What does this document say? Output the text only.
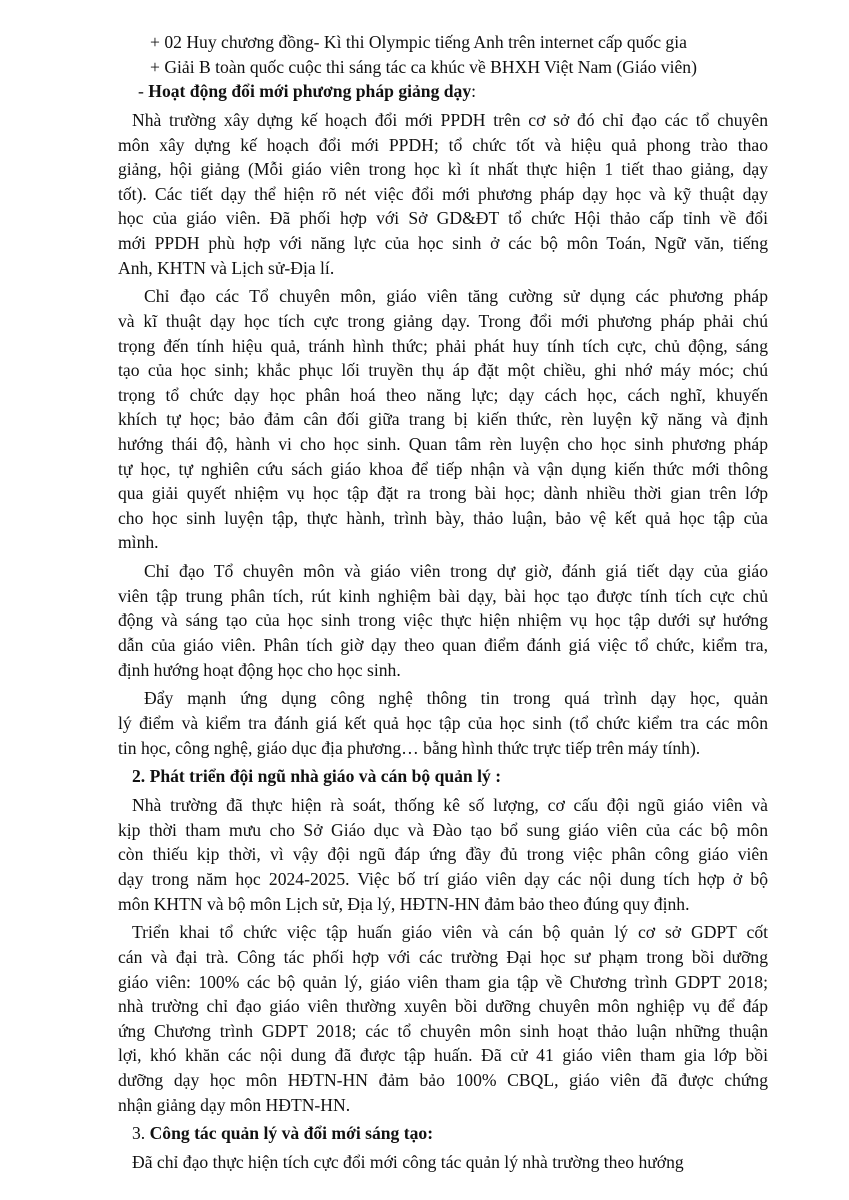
+ 02 Huy chương đồng- Kì thi Olympic tiếng Anh trên internet cấp quốc gia
+ Giải B toàn quốc cuộc thi sáng tác ca khúc về BHXH Việt Nam (Giáo viên)
- Hoạt động đổi mới phương pháp giảng dạy:
Nhà trường xây dựng kế hoạch đổi mới PPDH trên cơ sở đó chỉ đạo các tổ chuyên
môn xây dựng kế hoạch đổi mới PPDH; tổ chức tốt và hiệu quả phong trào thao
giảng, hội giảng (Mỗi giáo viên trong học kì ít nhất thực hiện 1 tiết thao giảng, dạy
tốt). Các tiết dạy thể hiện rõ nét việc đổi mới phương pháp dạy học và kỹ thuật dạy
học của giáo viên. Đã phối hợp với Sở GD&ĐT tổ chức Hội thảo cấp tỉnh về đổi
mới PPDH phù hợp với năng lực của học sinh ở các bộ môn Toán, Ngữ văn, tiếng
Anh, KHTN và Lịch sử-Địa lí.
Chỉ đạo các Tổ chuyên môn, giáo viên tăng cường sử dụng các phương pháp
và kĩ thuật dạy học tích cực trong giảng dạy. Trong đổi mới phương pháp phải chú
trọng đến tính hiệu quả, tránh hình thức; phải phát huy tính tích cực, chủ động, sáng
tạo của học sinh; khắc phục lối truyền thụ áp đặt một chiều, ghi nhớ máy móc; chú
trọng tổ chức dạy học phân hoá theo năng lực; dạy cách học, cách nghĩ, khuyến
khích tự học; bảo đảm cân đối giữa trang bị kiến thức, rèn luyện kỹ năng và định
hướng thái độ, hành vi cho học sinh. Quan tâm rèn luyện cho học sinh phương pháp
tự học, tự nghiên cứu sách giáo khoa để tiếp nhận và vận dụng kiến thức mới thông
qua giải quyết nhiệm vụ học tập đặt ra trong bài học; dành nhiều thời gian trên lớp
cho học sinh luyện tập, thực hành, trình bày, thảo luận, bảo vệ kết quả học tập của
mình.
Chỉ đạo Tổ chuyên môn và giáo viên trong dự giờ, đánh giá tiết dạy của giáo
viên tập trung phân tích, rút kinh nghiệm bài dạy, bài học tạo được tính tích cực chủ
động và sáng tạo của học sinh trong việc thực hiện nhiệm vụ học tập dưới sự hướng
dẫn của giáo viên. Phân tích giờ dạy theo quan điểm đánh giá việc tổ chức, kiểm tra,
định hướng hoạt động học cho học sinh.
Đẩy mạnh ứng dụng công nghệ thông tin trong quá trình dạy học, quản
lý điểm và kiểm tra đánh giá kết quả học tập của học sinh (tổ chức kiểm tra các môn
tin học, công nghệ, giáo dục địa phương… bằng hình thức trực tiếp trên máy tính).
2. Phát triển đội ngũ nhà giáo và cán bộ quản lý :
Nhà trường đã thực hiện rà soát, thống kê số lượng, cơ cấu đội ngũ giáo viên và
kịp thời tham mưu cho Sở Giáo dục và Đào tạo bổ sung giáo viên của các bộ môn
còn thiếu kịp thời, vì vậy đội ngũ đáp ứng đầy đủ trong việc phân công giáo viên
dạy trong năm học 2024-2025. Việc bố trí giáo viên dạy các nội dung tích hợp ở bộ
môn KHTN và bộ môn Lịch sử, Địa lý, HĐTN-HN đảm bảo theo đúng quy định.
Triển khai tổ chức việc tập huấn giáo viên và cán bộ quản lý cơ sở GDPT cốt
cán và đại trà. Công tác phối hợp với các trường Đại học sư phạm trong bồi dưỡng
giáo viên: 100% các bộ quản lý, giáo viên tham gia tập về Chương trình GDPT 2018;
nhà trường chỉ đạo giáo viên thường xuyên bồi dưỡng chuyên môn nghiệp vụ để đáp
ứng Chương trình GDPT 2018; các tổ chuyên môn sinh hoạt thảo luận những thuận
lợi, khó khăn các nội dung đã được tập huấn. Đã cử 41 giáo viên tham gia lớp bồi
dưỡng dạy học môn HĐTN-HN đảm bảo 100% CBQL, giáo viên đã được chứng
nhận giảng dạy môn HĐTN-HN.
3. Công tác quản lý và đổi mới sáng tạo:
Đã chỉ đạo thực hiện tích cực đổi mới công tác quản lý nhà trường theo hướng
